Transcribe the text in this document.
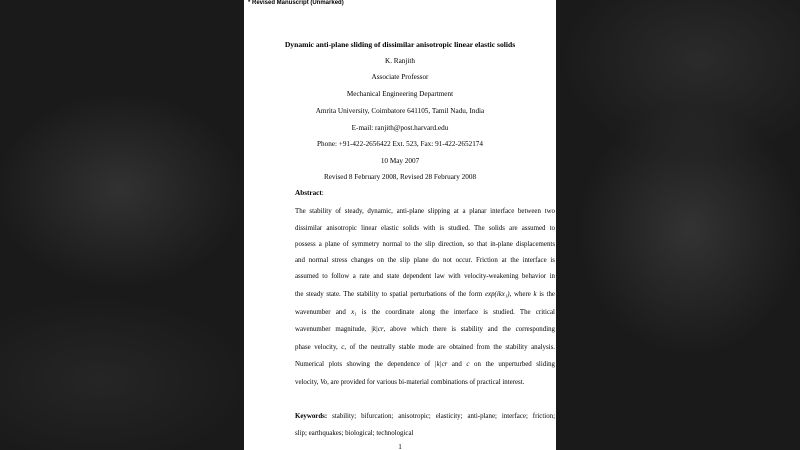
* Revised Manuscript (Unmarked)
Dynamic anti-plane sliding of dissimilar anisotropic linear elastic solids
K. Ranjith
Associate Professor
Mechanical Engineering Department
Amrita University, Coimbatore 641105, Tamil Nadu, India
E-mail: ranjith@post.harvard.edu
Phone: +91-422-2656422 Ext. 523, Fax: 91-422-2652174
10 May 2007
Revised 8 February 2008, Revised 28 February 2008
Abstract:
The stability of steady, dynamic, anti-plane slipping at a planar interface between two
dissimilar anisotropic linear elastic solids with is studied. The solids are assumed to
possess a plane of symmetry normal to the slip direction, so that in-plane displacements
and normal stress changes on the slip plane do not occur. Friction at the interface is
assumed to follow a rate and state dependent law with velocity-weakening behavior in
the steady state. The stability to spatial perturbations of the form exp(ikx₁), where k is the
wavenumber and x₁ is the coordinate along the interface is studied. The critical
wavenumber magnitude, |k|cr, above which there is stability and the corresponding
phase velocity, c, of the neutrally stable mode are obtained from the stability analysis.
Numerical plots showing the dependence of |k|cr and c on the unperturbed sliding
velocity, Vo, are provided for various bi-material combinations of practical interest.
Keywords: stability; bifurcation; anisotropic; elasticity; anti-plane; interface; friction;
slip; earthquakes; biological; technological
1
